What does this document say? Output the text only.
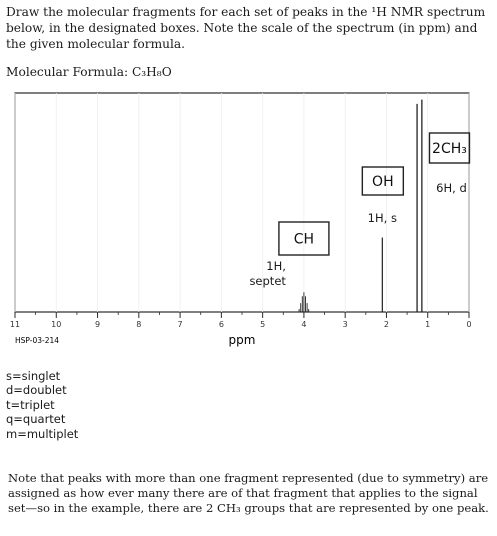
Draw the molecular fragments for each set of peaks in the ¹H NMR spectrum below, in the designated boxes. Note the scale of the spectrum (in ppm) and the given molecular formula.

Molecular Formula: C₃H₈O

11	10	9	8	7	6	5	4	3	2	1	0
1H,
septet
CH
1H, s
OH	6H, d
2CH₃
HSP-03-214	ppm
s=singlet
d=doublet
t=triplet
q=quartet
m=multiplet

Note that peaks with more than one fragment represented (due to symmetry) are assigned as how ever many there are of that fragment that applies to the signal set—so in the example, there are 2 CH₃ groups that are represented by one peak.
